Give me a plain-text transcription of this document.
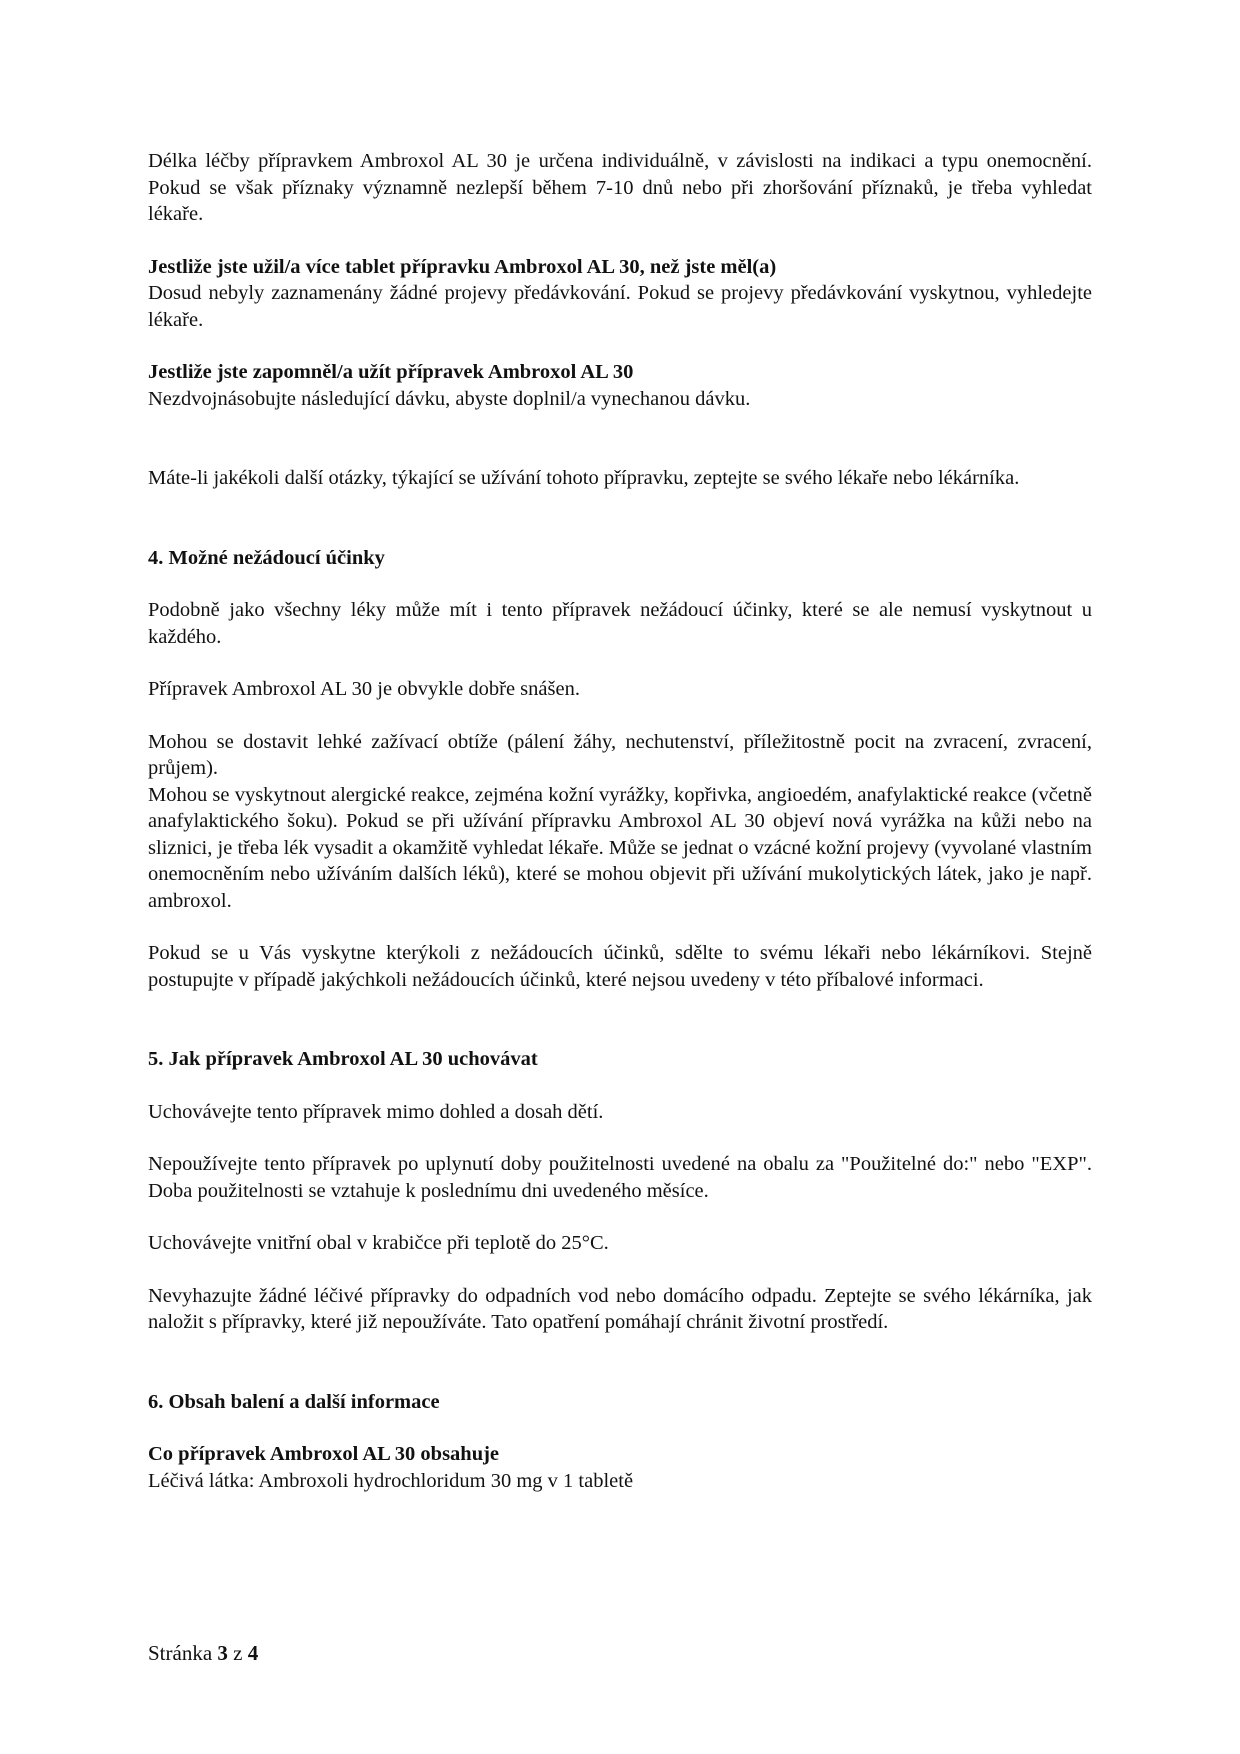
Délka léčby přípravkem Ambroxol AL 30 je určena individuálně, v závislosti na indikaci a typu onemocnění. Pokud se však příznaky významně nezlepší během 7-10 dnů nebo při zhoršování příznaků, je třeba vyhledat lékaře.

Jestliže jste užil/a více tablet přípravku Ambroxol AL 30, než jste měl(a)

Dosud nebyly zaznamenány žádné projevy předávkování. Pokud se projevy předávkování vyskytnou, vyhledejte lékaře.

Jestliže jste zapomněl/a užít přípravek Ambroxol AL 30

Nezdvojnásobujte následující dávku, abyste doplnil/a vynechanou dávku.

Máte-li jakékoli další otázky, týkající se užívání tohoto přípravku, zeptejte se svého lékaře nebo lékárníka.

4. Možné nežádoucí účinky

Podobně jako všechny léky může mít i tento přípravek nežádoucí účinky, které se ale nemusí vyskytnout u každého.

Přípravek Ambroxol AL 30 je obvykle dobře snášen.

Mohou se dostavit lehké zažívací obtíže (pálení žáhy, nechutenství, příležitostně pocit na zvracení, zvracení, průjem).

Mohou se vyskytnout alergické reakce, zejména kožní vyrážky, kopřivka, angioedém, anafylaktické reakce (včetně anafylaktického šoku). Pokud se při užívání přípravku Ambroxol AL 30 objeví nová vyrážka na kůži nebo na sliznici, je třeba lék vysadit a okamžitě vyhledat lékaře. Může se jednat o vzácné kožní projevy (vyvolané vlastním onemocněním nebo užíváním dalších léků), které se mohou objevit při užívání mukolytických látek, jako je např. ambroxol.

Pokud se u Vás vyskytne kterýkoli z nežádoucích účinků, sdělte to svému lékaři nebo lékárníkovi. Stejně postupujte v případě jakýchkoli nežádoucích účinků, které nejsou uvedeny v této příbalové informaci.

5. Jak přípravek Ambroxol AL 30 uchovávat

Uchovávejte tento přípravek mimo dohled a dosah dětí.

Nepoužívejte tento přípravek po uplynutí doby použitelnosti uvedené na obalu za "Použitelné do:" nebo "EXP". Doba použitelnosti se vztahuje k poslednímu dni uvedeného měsíce.

Uchovávejte vnitřní obal v krabičce při teplotě do 25°C.

Nevyhazujte žádné léčivé přípravky do odpadních vod nebo domácího odpadu. Zeptejte se svého lékárníka, jak naložit s přípravky, které již nepoužíváte. Tato opatření pomáhají chránit životní prostředí.

6. Obsah balení a další informace

Co přípravek Ambroxol AL 30 obsahuje

Léčivá látka: Ambroxoli hydrochloridum 30 mg v 1 tabletě

Stránka 3 z 4
